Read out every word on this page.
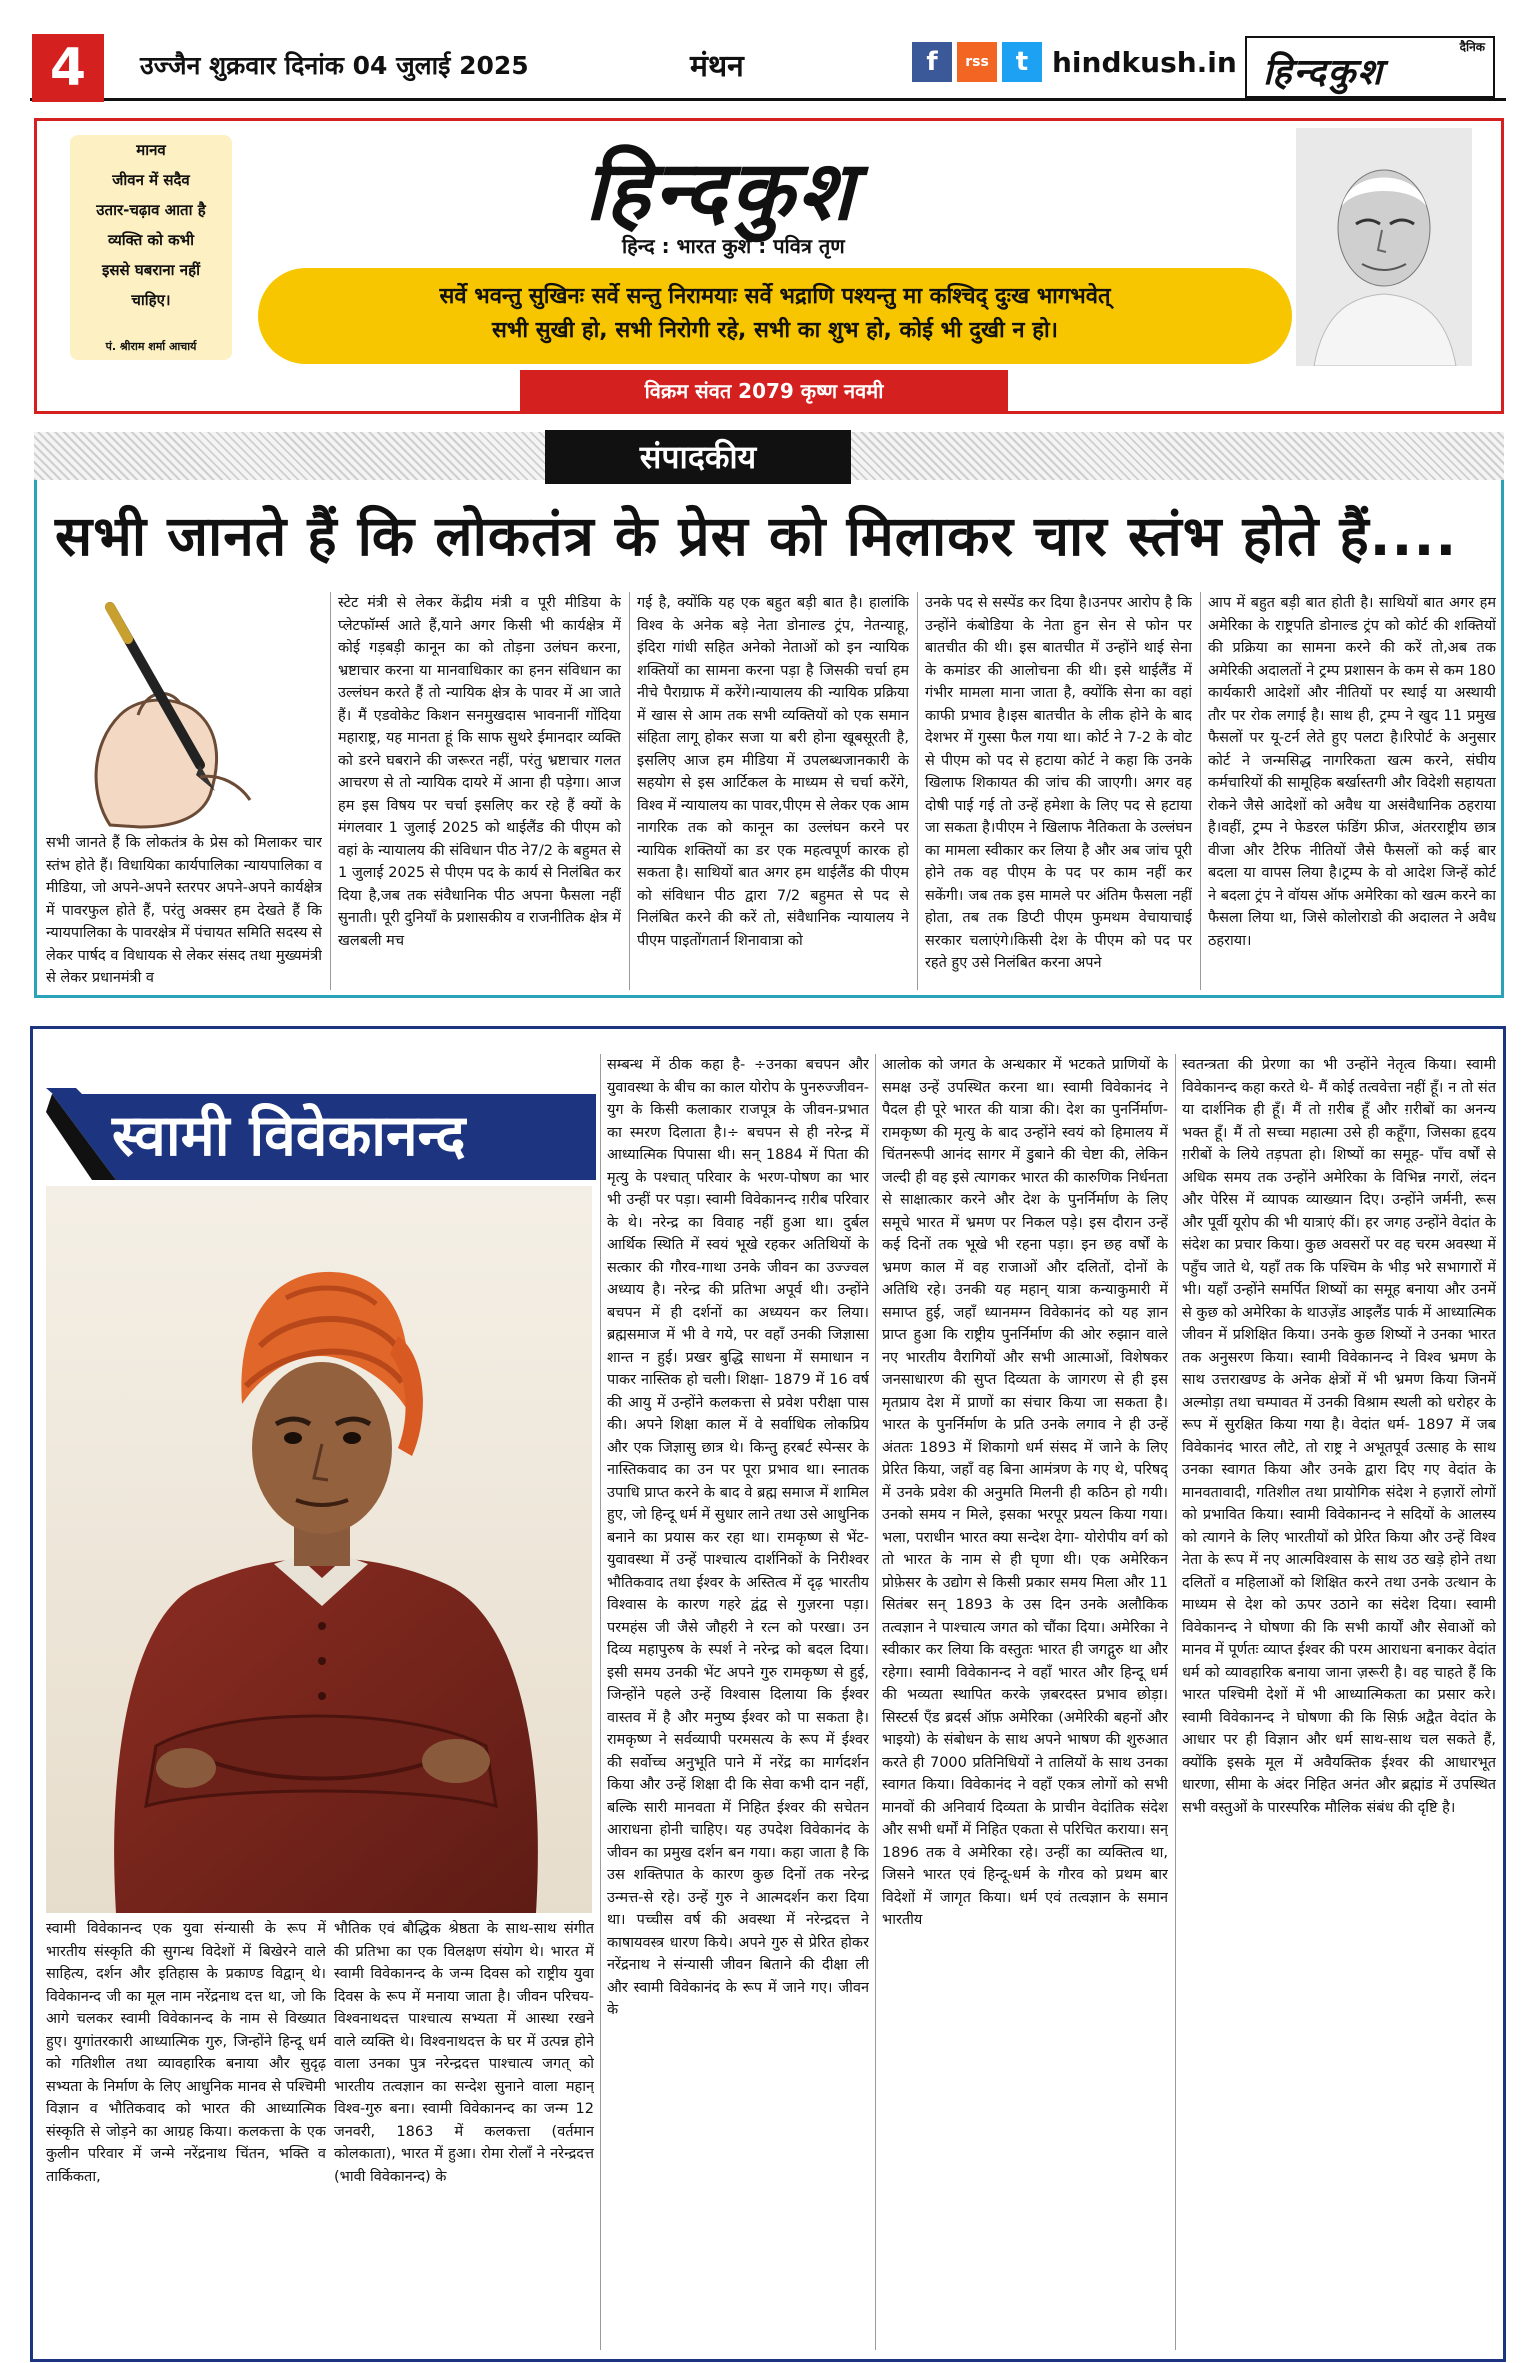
4	उज्जैन शुक्रवार दिनांक 04 जुलाई 2025	मंथन	f	rss	t hindkush.in	दैनिक
हिन्दकुश
मानव
जीवन में सदैव
उतार-चढ़ाव आता है
व्यक्ति को कभी
इससे घबराना नहीं
चाहिए।
पं. श्रीराम शर्मा आचार्य
हिन्दकुश
हिन्द : भारत कुश : पवित्र तृण
सर्वे भवन्तु सुखिनः सर्वे सन्तु निरामयाः सर्वे भद्राणि पश्यन्तु मा कश्चिद् दुःख भागभवेत्
सभी सुखी हो, सभी निरोगी रहे, सभी का शुभ हो, कोई भी दुखी न हो।
विक्रम संवत 2079 कृष्ण नवमी
संपादकीय
सभी जानते हैं कि लोकतंत्र के प्रेस को मिलाकर चार स्तंभ होते हैं....
सभी जानते हैं कि लोकतंत्र के प्रेस को मिलाकर चार स्तंभ होते हैं। विधायिका कार्यपालिका न्यायपालिका व मीडिया, जो अपने-अपने स्तरपर अपने-अपने कार्यक्षेत्र में पावरफुल होते हैं, परंतु अक्सर हम देखते हैं कि न्यायपालिका के पावरक्षेत्र में पंचायत समिति सदस्य से लेकर पार्षद व विधायक से लेकर संसद तथा मुख्यमंत्री से लेकर प्रधानमंत्री व
स्टेट मंत्री से लेकर केंद्रीय मंत्री व पूरी मीडिया के प्लेटफॉर्म्स आते हैं,याने अगर किसी भी कार्यक्षेत्र में कोई गड़बड़ी कानून का को तोड़ना उलंघन करना, भ्रष्टाचार करना या मानवाधिकार का हनन संविधान का उल्लंघन करते हैं तो न्यायिक क्षेत्र के पावर में आ जाते हैं। मैं एडवोकेट किशन सनमुखदास भावनानीं गोंदिया महाराष्ट्र, यह मानता हूं कि साफ सुथरे ईमानदार व्यक्ति को डरने घबराने की जरूरत नहीं, परंतु भ्रष्टाचार गलत आचरण से तो न्यायिक दायरे में आना ही पड़ेगा। आज हम इस विषय पर चर्चा इसलिए कर रहे हैं क्यों के मंगलवार 1 जुलाई 2025 को थाईलैंड की पीएम को वहां के न्यायालय की संविधान पीठ ने7/2 के बहुमत से 1 जुलाई 2025 से पीएम पद के कार्य से निलंबित कर दिया है,जब तक संवैधानिक पीठ अपना फैसला नहीं सुनाती। पूरी दुनियाँ के प्रशासकीय व राजनीतिक क्षेत्र में खलबली मच
गई है, क्योंकि यह एक बहुत बड़ी बात है। हालांकि विश्व के अनेक बड़े नेता डोनाल्ड ट्रंप, नेतन्याहू, इंदिरा गांधी सहित अनेको नेताओं को इन न्यायिक शक्तियों का सामना करना पड़ा है जिसकी चर्चा हम नीचे पैराग्राफ में करेंगे।न्यायालय की न्यायिक प्रक्रिया में खास से आम तक सभी व्यक्तियों को एक समान संहिता लागू होकर सजा या बरी होना खूबसूरती है, इसलिए आज हम मीडिया में उपलब्धजानकारी के सहयोग से इस आर्टिकल के माध्यम से चर्चा करेंगे, विश्व में न्यायालय का पावर,पीएम से लेकर एक आम नागरिक तक को कानून का उल्लंघन करने पर न्यायिक शक्तियों का डर एक महत्वपूर्ण कारक हो सकता है। साथियों बात अगर हम थाईलैंड की पीएम को संविधान पीठ द्वारा 7/2 बहुमत से पद से निलंबित करने की करें तो, संवैधानिक न्यायालय ने पीएम पाइतोंगतार्न शिनावात्रा को
उनके पद से सस्पेंड कर दिया है।उनपर आरोप है कि उन्होंने कंबोडिया के नेता हुन सेन से फोन पर बातचीत की थी। इस बातचीत में उन्होंने थाई सेना के कमांडर की आलोचना की थी। इसे थाईलैंड में गंभीर मामला माना जाता है, क्योंकि सेना का वहां काफी प्रभाव है।इस बातचीत के लीक होने के बाद देशभर में गुस्सा फैल गया था। कोर्ट ने 7-2 के वोट से पीएम को पद से हटाया कोर्ट ने कहा कि उनके खिलाफ शिकायत की जांच की जाएगी। अगर वह दोषी पाई गई तो उन्हें हमेशा के लिए पद से हटाया जा सकता है।पीएम ने खिलाफ नैतिकता के उल्लंघन का मामला स्वीकार कर लिया है और अब जांच पूरी होने तक वह पीएम के पद पर काम नहीं कर सकेंगी। जब तक इस मामले पर अंतिम फैसला नहीं होता, तब तक डिप्टी पीएम फुमथम वेचायाचाई सरकार चलाएंगे।किसी देश के पीएम को पद पर रहते हुए उसे निलंबित करना अपने
आप में बहुत बड़ी बात होती है। साथियों बात अगर हम अमेरिका के राष्ट्रपति डोनाल्ड ट्रंप को कोर्ट की शक्तियों की प्रक्रिया का सामना करने की करें तो,अब तक अमेरिकी अदालतों ने ट्रम्प प्रशासन के कम से कम 180 कार्यकारी आदेशों और नीतियों पर स्थाई या अस्थायी तौर पर रोक लगाई है। साथ ही, ट्रम्प ने खुद 11 प्रमुख फैसलों पर यू-टर्न लेते हुए पलटा है।रिपोर्ट के अनुसार कोर्ट ने जन्मसिद्ध नागरिकता खत्म करने, संघीय कर्मचारियों की सामूहिक बर्खास्तगी और विदेशी सहायता रोकने जैसे आदेशों को अवैध या असंवैधानिक ठहराया है।वहीं, ट्रम्प ने फेडरल फंडिंग फ्रीज, अंतरराष्ट्रीय छात्र वीजा और टैरिफ नीतियों जैसे फैसलों को कई बार बदला या वापस लिया है।ट्रम्प के वो आदेश जिन्हें कोर्ट ने बदला ट्रंप ने वॉयस ऑफ अमेरिका को खत्म करने का फैसला लिया था, जिसे कोलोराडो की अदालत ने अवैध ठहराया।
स्वामी विवेकानन्द
स्वामी विवेकानन्द एक युवा संन्यासी के रूप में भारतीय संस्कृति की सुगन्ध विदेशों में बिखेरने वाले साहित्य, दर्शन और इतिहास के प्रकाण्ड विद्वान् थे। विवेकानन्द जी का मूल नाम नरेंद्रनाथ दत्त था, जो कि आगे चलकर स्वामी विवेकानन्द के नाम से विख्यात हुए। युगांतरकारी आध्यात्मिक गुरु, जिन्होंने हिन्दू धर्म को गतिशील तथा व्यावहारिक बनाया और सुदृढ़ सभ्यता के निर्माण के लिए आधुनिक मानव से पश्चिमी विज्ञान व भौतिकवाद को भारत की आध्यात्मिक संस्कृति से जोड़ने का आग्रह किया। कलकत्ता के एक कुलीन परिवार में जन्मे नरेंद्रनाथ चिंतन, भक्ति व तार्किकता,
भौतिक एवं बौद्धिक श्रेष्ठता के साथ-साथ संगीत की प्रतिभा का एक विलक्षण संयोग थे। भारत में स्वामी विवेकानन्द के जन्म दिवस को राष्ट्रीय युवा दिवस के रूप में मनाया जाता है। जीवन परिचय- विश्वनाथदत्त पाश्चात्य सभ्यता में आस्था रखने वाले व्यक्ति थे। विश्वनाथदत्त के घर में उत्पन्न होने वाला उनका पुत्र नरेन्द्रदत्त पाश्चात्य जगत् को भारतीय तत्वज्ञान का सन्देश सुनाने वाला महान् विश्व-गुरु बना। स्वामी विवेकानन्द का जन्म 12 जनवरी, 1863 में कलकत्ता (वर्तमान कोलकाता), भारत में हुआ। रोमा रोलाँ ने नरेन्द्रदत्त (भावी विवेकानन्द) के
सम्बन्ध में ठीक कहा है- ÷उनका बचपन और युवावस्था के बीच का काल योरोप के पुनरुज्जीवन-युग के किसी कलाकार राजपूत्र के जीवन-प्रभात का स्मरण दिलाता है।÷ बचपन से ही नरेन्द्र में आध्यात्मिक पिपासा थी। सन् 1884 में पिता की मृत्यु के पश्चात् परिवार के भरण-पोषण का भार भी उन्हीं पर पड़ा। स्वामी विवेकानन्द ग़रीब परिवार के थे। नरेन्द्र का विवाह नहीं हुआ था। दुर्बल आर्थिक स्थिति में स्वयं भूखे रहकर अतिथियों के सत्कार की गौरव-गाथा उनके जीवन का उज्ज्वल अध्याय है। नरेन्द्र की प्रतिभा अपूर्व थी। उन्होंने बचपन में ही दर्शनों का अध्ययन कर लिया। ब्रह्मसमाज में भी वे गये, पर वहाँ उनकी जिज्ञासा शान्त न हुई। प्रखर बुद्धि साधना में समाधान न पाकर नास्तिक हो चली। शिक्षा- 1879 में 16 वर्ष की आयु में उन्होंने कलकत्ता से प्रवेश परीक्षा पास की। अपने शिक्षा काल में वे सर्वाधिक लोकप्रिय और एक जिज्ञासु छात्र थे। किन्तु हरबर्ट स्पेन्सर के नास्तिकवाद का उन पर पूरा प्रभाव था। स्नातक उपाधि प्राप्त करने के बाद वे ब्रह्म समाज में शामिल हुए, जो हिन्दू धर्म में सुधार लाने तथा उसे आधुनिक बनाने का प्रयास कर रहा था। रामकृष्ण से भेंट- युवावस्था में उन्हें पाश्चात्य दार्शनिकों के निरीश्वर भौतिकवाद तथा ईश्वर के अस्तित्व में दृढ़ भारतीय विश्वास के कारण गहरे द्वंद्व से गुज़रना पड़ा। परमहंस जी जैसे जौहरी ने रत्न को परखा। उन दिव्य महापुरुष के स्पर्श ने नरेन्द्र को बदल दिया। इसी समय उनकी भेंट अपने गुरु रामकृष्ण से हुई, जिन्होंने पहले उन्हें विश्वास दिलाया कि ईश्वर वास्तव में है और मनुष्य ईश्वर को पा सकता है। रामकृष्ण ने सर्वव्यापी परमसत्य के रूप में ईश्वर की सर्वोच्च अनुभूति पाने में नरेंद्र का मार्गदर्शन किया और उन्हें शिक्षा दी कि सेवा कभी दान नहीं, बल्कि सारी मानवता में निहित ईश्वर की सचेतन आराधना होनी चाहिए। यह उपदेश विवेकानंद के जीवन का प्रमुख दर्शन बन गया। कहा जाता है कि उस शक्तिपात के कारण कुछ दिनों तक नरेन्द्र उन्मत्त-से रहे। उन्हें गुरु ने आत्मदर्शन करा दिया था। पच्चीस वर्ष की अवस्था में नरेन्द्रदत्त ने काषायवस्त्र धारण किये। अपने गुरु से प्रेरित होकर नरेंद्रनाथ ने संन्यासी जीवन बिताने की दीक्षा ली और स्वामी विवेकानंद के रूप में जाने गए। जीवन के
आलोक को जगत के अन्धकार में भटकते प्राणियों के समक्ष उन्हें उपस्थित करना था। स्वामी विवेकानंद ने पैदल ही पूरे भारत की यात्रा की। देश का पुनर्निर्माण- रामकृष्ण की मृत्यु के बाद उन्होंने स्वयं को हिमालय में चिंतनरूपी आनंद सागर में डुबाने की चेष्टा की, लेकिन जल्दी ही वह इसे त्यागकर भारत की कारुणिक निर्धनता से साक्षात्कार करने और देश के पुनर्निर्माण के लिए समूचे भारत में भ्रमण पर निकल पड़े। इस दौरान उन्हें कई दिनों तक भूखे भी रहना पड़ा। इन छह वर्षों के भ्रमण काल में वह राजाओं और दलितों, दोनों के अतिथि रहे। उनकी यह महान् यात्रा कन्याकुमारी में समाप्त हुई, जहाँ ध्यानमग्न विवेकानंद को यह ज्ञान प्राप्त हुआ कि राष्ट्रीय पुनर्निर्माण की ओर रुझान वाले नए भारतीय वैरागियों और सभी आत्माओं, विशेषकर जनसाधारण की सुप्त दिव्यता के जागरण से ही इस मृतप्राय देश में प्राणों का संचार किया जा सकता है। भारत के पुनर्निर्माण के प्रति उनके लगाव ने ही उन्हें अंततः 1893 में शिकागो धर्म संसद में जाने के लिए प्रेरित किया, जहाँ वह बिना आमंत्रण के गए थे, परिषद् में उनके प्रवेश की अनुमति मिलनी ही कठिन हो गयी। उनको समय न मिले, इसका भरपूर प्रयत्न किया गया। भला, पराधीन भारत क्या सन्देश देगा- योरोपीय वर्ग को तो भारत के नाम से ही घृणा थी। एक अमेरिकन प्रोफ़ेसर के उद्योग से किसी प्रकार समय मिला और 11 सितंबर सन् 1893 के उस दिन उनके अलौकिक तत्वज्ञान ने पाश्चात्य जगत को चौंका दिया। अमेरिका ने स्वीकार कर लिया कि वस्तुतः भारत ही जगद्गुरु था और रहेगा। स्वामी विवेकानन्द ने वहाँ भारत और हिन्दू धर्म की भव्यता स्थापित करके ज़बरदस्त प्रभाव छोड़ा। सिस्टर्स ऍंड ब्रदर्स ऑफ़ अमेरिका (अमेरिकी बहनों और भाइयो) के संबोधन के साथ अपने भाषण की शुरुआत करते ही 7000 प्रतिनिधियों ने तालियों के साथ उनका स्वागत किया। विवेकानंद ने वहाँ एकत्र लोगों को सभी मानवों की अनिवार्य दिव्यता के प्राचीन वेदांतिक संदेश और सभी धर्मों में निहित एकता से परिचित कराया। सन् 1896 तक वे अमेरिका रहे। उन्हीं का व्यक्तित्व था, जिसने भारत एवं हिन्दू-धर्म के गौरव को प्रथम बार विदेशों में जागृत किया। धर्म एवं तत्वज्ञान के समान भारतीय
स्वतन्त्रता की प्रेरणा का भी उन्होंने नेतृत्व किया। स्वामी विवेकानन्द कहा करते थे- मैं कोई तत्ववेत्ता नहीं हूँ। न तो संत या दार्शनिक ही हूँ। मैं तो ग़रीब हूँ और ग़रीबों का अनन्य भक्त हूँ। मैं तो सच्चा महात्मा उसे ही कहूँगा, जिसका हृदय ग़रीबों के लिये तड़पता हो। शिष्यों का समूह- पाँच वर्षों से अधिक समय तक उन्होंने अमेरिका के विभिन्न नगरों, लंदन और पेरिस में व्यापक व्याख्यान दिए। उन्होंने जर्मनी, रूस और पूर्वी यूरोप की भी यात्राएं कीं। हर जगह उन्होंने वेदांत के संदेश का प्रचार किया। कुछ अवसरों पर वह चरम अवस्था में पहुँच जाते थे, यहाँ तक कि पश्चिम के भीड़ भरे सभागारों में भी। यहाँ उन्होंने समर्पित शिष्यों का समूह बनाया और उनमें से कुछ को अमेरिका के थाउज़ेंड आइलैंड पार्क में आध्यात्मिक जीवन में प्रशिक्षित किया। उनके कुछ शिष्यों ने उनका भारत तक अनुसरण किया। स्वामी विवेकानन्द ने विश्व भ्रमण के साथ उत्तराखण्ड के अनेक क्षेत्रों में भी भ्रमण किया जिनमें अल्मोड़ा तथा चम्पावत में उनकी विश्राम स्थली को धरोहर के रूप में सुरक्षित किया गया है। वेदांत धर्म- 1897 में जब विवेकानंद भारत लौटे, तो राष्ट्र ने अभूतपूर्व उत्साह के साथ उनका स्वागत किया और उनके द्वारा दिए गए वेदांत के मानवतावादी, गतिशील तथा प्रायोगिक संदेश ने हज़ारों लोगों को प्रभावित किया। स्वामी विवेकानन्द ने सदियों के आलस्य को त्यागने के लिए भारतीयों को प्रेरित किया और उन्हें विश्व नेता के रूप में नए आत्मविश्वास के साथ उठ खड़े होने तथा दलितों व महिलाओं को शिक्षित करने तथा उनके उत्थान के माध्यम से देश को ऊपर उठाने का संदेश दिया। स्वामी विवेकानन्द ने घोषणा की कि सभी कार्यों और सेवाओं को मानव में पूर्णतः व्याप्त ईश्वर की परम आराधना बनाकर वेदांत धर्म को व्यावहारिक बनाया जाना ज़रूरी है। वह चाहते हैं कि भारत पश्चिमी देशों में भी आध्यात्मिकता का प्रसार करे। स्वामी विवेकानन्द ने घोषणा की कि सिर्फ़ अद्वैत वेदांत के आधार पर ही विज्ञान और धर्म साथ-साथ चल सकते हैं, क्योंकि इसके मूल में अवैयक्तिक ईश्वर की आधारभूत धारणा, सीमा के अंदर निहित अनंत और ब्रह्मांड में उपस्थित सभी वस्तुओं के पारस्परिक मौलिक संबंध की दृष्टि है।
